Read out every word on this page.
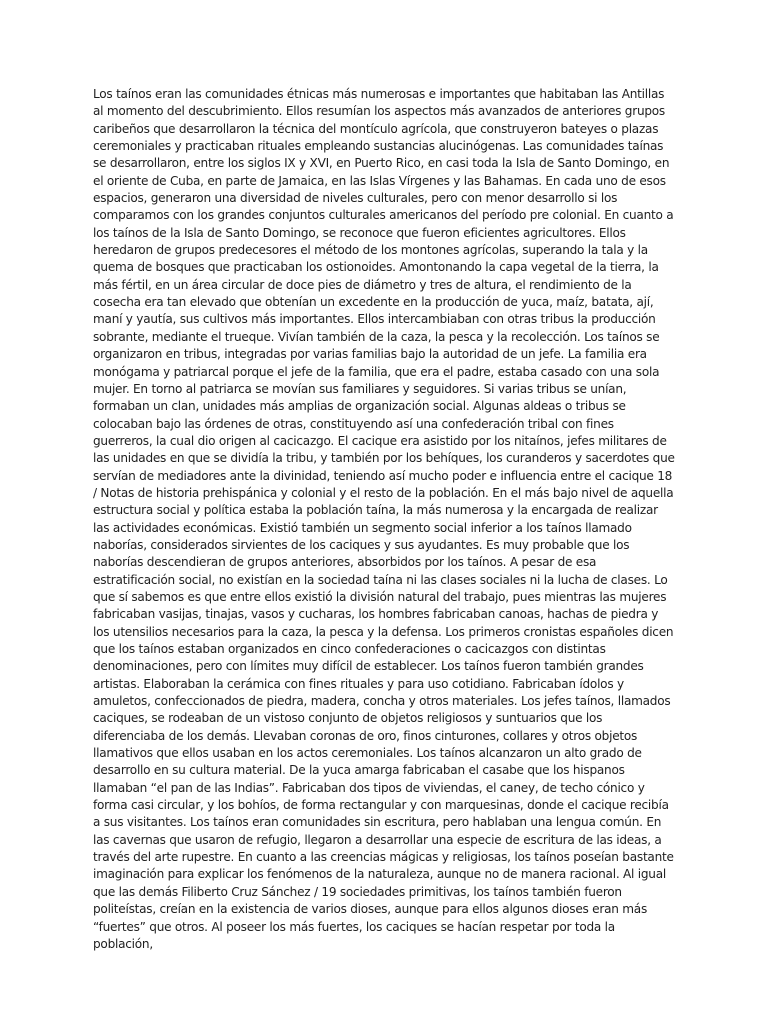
Los taínos eran las comunidades étnicas más numerosas e importantes que habitaban las Antillas al momento del descubrimiento. Ellos resumían los aspectos más avanzados de anteriores grupos caribeños que desarrollaron la técnica del montículo agrícola, que construyeron bateyes o plazas ceremoniales y practicaban rituales empleando sustancias alucinógenas. Las comunidades taínas se desarrollaron, entre los siglos IX y XVI, en Puerto Rico, en casi toda la Isla de Santo Domingo, en el oriente de Cuba, en parte de Jamaica, en las Islas Vírgenes y las Bahamas. En cada uno de esos espacios, generaron una diversidad de niveles culturales, pero con menor desarrollo si los comparamos con los grandes conjuntos culturales americanos del período pre colonial. En cuanto a los taínos de la Isla de Santo Domingo, se reconoce que fueron eficientes agricultores. Ellos heredaron de grupos predecesores el método de los montones agrícolas, superando la tala y la quema de bosques que practicaban los ostionoides. Amontonando la capa vegetal de la tierra, la más fértil, en un área circular de doce pies de diámetro y tres de altura, el rendimiento de la cosecha era tan elevado que obtenían un excedente en la producción de yuca, maíz, batata, ají, maní y yautía, sus cultivos más importantes. Ellos intercambiaban con otras tribus la producción sobrante, mediante el trueque. Vivían también de la caza, la pesca y la recolección. Los taínos se organizaron en tribus, integradas por varias familias bajo la autoridad de un jefe. La familia era monógama y patriarcal porque el jefe de la familia, que era el padre, estaba casado con una sola mujer. En torno al patriarca se movían sus familiares y seguidores. Si varias tribus se unían, formaban un clan, unidades más amplias de organización social. Algunas aldeas o tribus se colocaban bajo las órdenes de otras, constituyendo así una confederación tribal con fines guerreros, la cual dio origen al cacicazgo. El cacique era asistido por los nitaínos, jefes militares de las unidades en que se dividía la tribu, y también por los behíques, los curanderos y sacerdotes que servían de mediadores ante la divinidad, teniendo así mucho poder e influencia entre el cacique 18 / Notas de historia prehispánica y colonial y el resto de la población. En el más bajo nivel de aquella estructura social y política estaba la población taína, la más numerosa y la encargada de realizar las actividades económicas. Existió también un segmento social inferior a los taínos llamado naborías, considerados sirvientes de los caciques y sus ayudantes. Es muy probable que los naborías descendieran de grupos anteriores, absorbidos por los taínos. A pesar de esa estratificación social, no existían en la sociedad taína ni las clases sociales ni la lucha de clases. Lo que sí sabemos es que entre ellos existió la división natural del trabajo, pues mientras las mujeres fabricaban vasijas, tinajas, vasos y cucharas, los hombres fabricaban canoas, hachas de piedra y los utensilios necesarios para la caza, la pesca y la defensa. Los primeros cronistas españoles dicen que los taínos estaban organizados en cinco confederaciones o cacicazgos con distintas denominaciones, pero con límites muy difícil de establecer. Los taínos fueron también grandes artistas. Elaboraban la cerámica con fines rituales y para uso cotidiano. Fabricaban ídolos y amuletos, confeccionados de piedra, madera, concha y otros materiales. Los jefes taínos, llamados caciques, se rodeaban de un vistoso conjunto de objetos religiosos y suntuarios que los diferenciaba de los demás. Llevaban coronas de oro, finos cinturones, collares y otros objetos llamativos que ellos usaban en los actos ceremoniales. Los taínos alcanzaron un alto grado de desarrollo en su cultura material. De la yuca amarga fabricaban el casabe que los hispanos llamaban “el pan de las Indias”. Fabricaban dos tipos de viviendas, el caney, de techo cónico y forma casi circular, y los bohíos, de forma rectangular y con marquesinas, donde el cacique recibía a sus visitantes. Los taínos eran comunidades sin escritura, pero hablaban una lengua común. En las cavernas que usaron de refugio, llegaron a desarrollar una especie de escritura de las ideas, a través del arte rupestre. En cuanto a las creencias mágicas y religiosas, los taínos poseían bastante imaginación para explicar los fenómenos de la naturaleza, aunque no de manera racional. Al igual que las demás Filiberto Cruz Sánchez / 19 sociedades primitivas, los taínos también fueron politeístas, creían en la existencia de varios dioses, aunque para ellos algunos dioses eran más “fuertes” que otros. Al poseer los más fuertes, los caciques se hacían respetar por toda la población,
